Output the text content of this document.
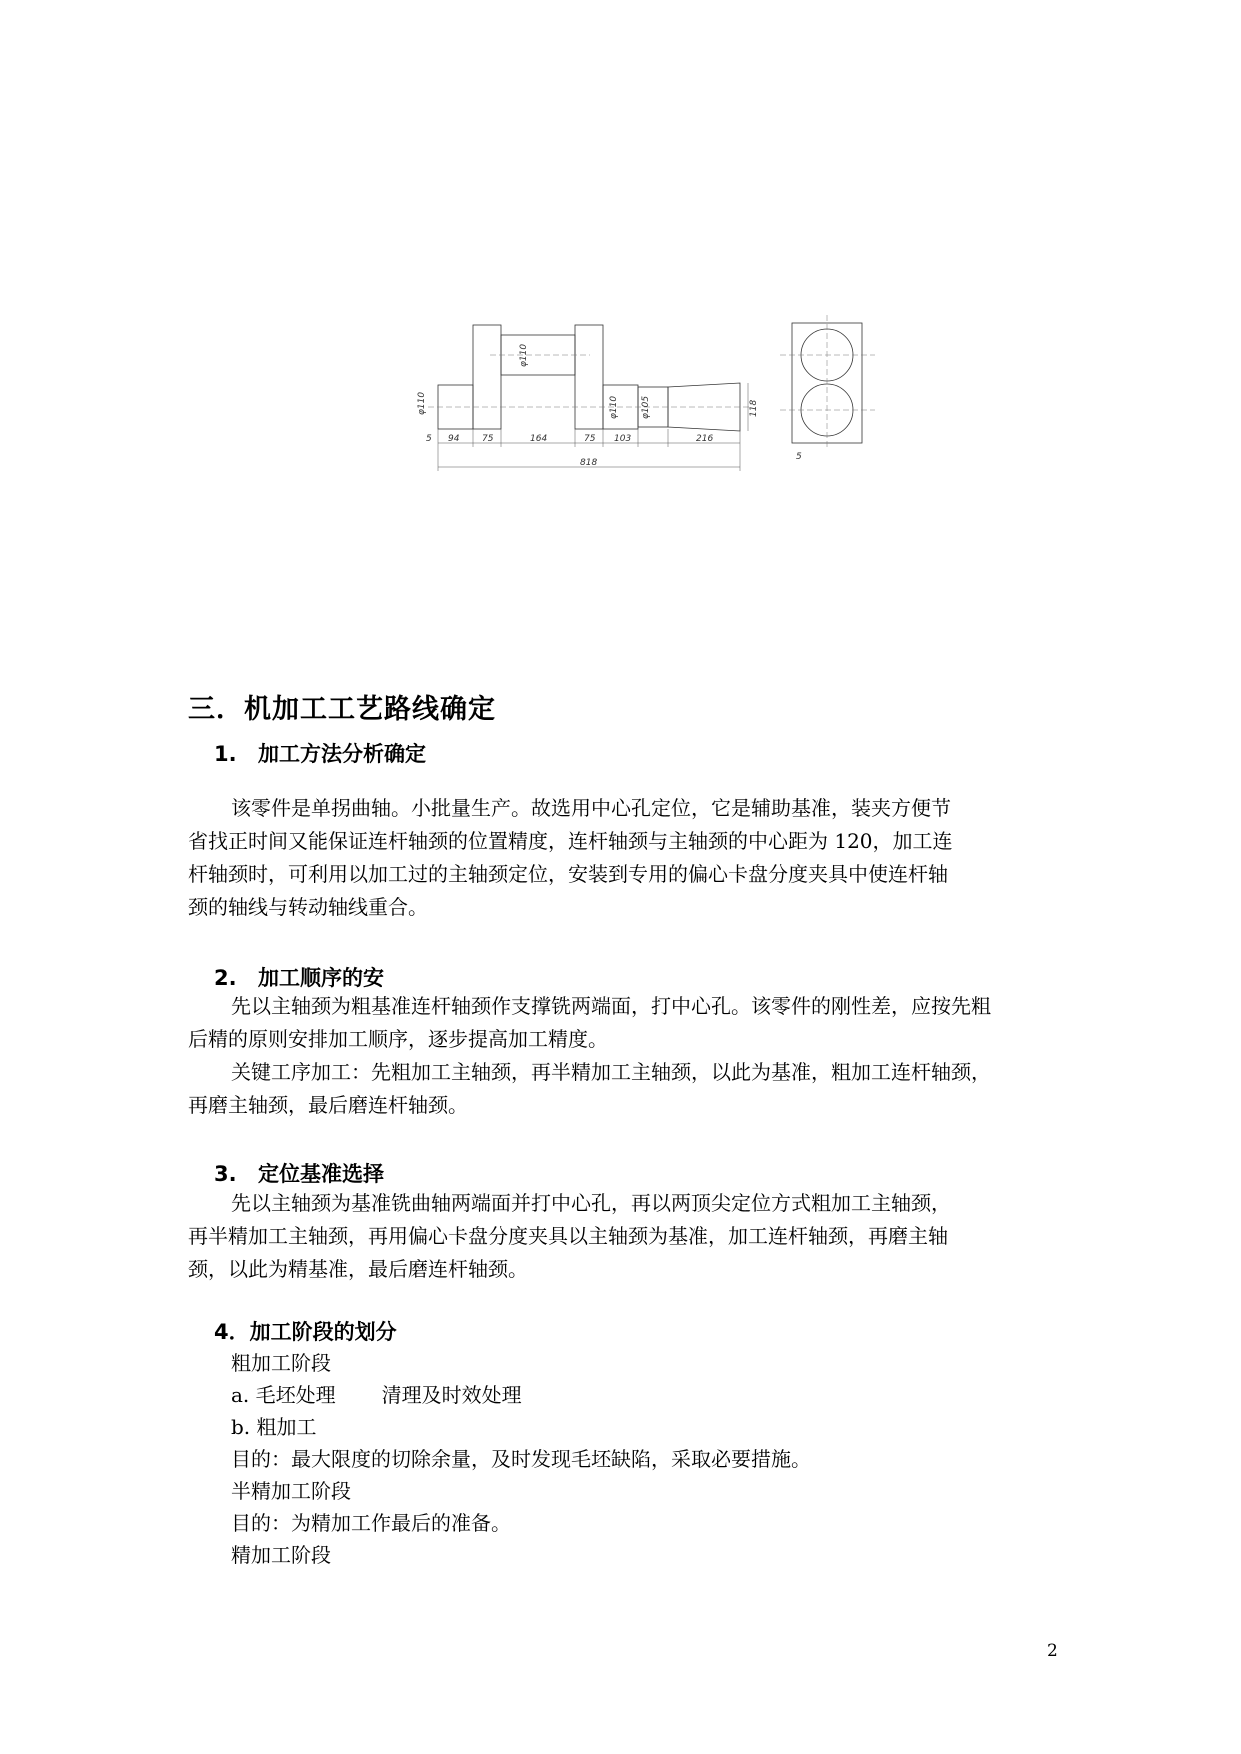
φ110
5
φ110
φ110 φ105	118
94	75	164	75 103	216
818
5
三．机加工工艺路线确定
1. 加工方法分析确定
该零件是单拐曲轴。小批量生产。故选用中心孔定位，它是辅助基准，装夹方便节
省找正时间又能保证连杆轴颈的位置精度，连杆轴颈与主轴颈的中心距为 120，加工连
杆轴颈时，可利用以加工过的主轴颈定位，安装到专用的偏心卡盘分度夹具中使连杆轴
颈的轴线与转动轴线重合。
2. 加工顺序的安
先以主轴颈为粗基准连杆轴颈作支撑铣两端面，打中心孔。该零件的刚性差，应按先粗
后精的原则安排加工顺序，逐步提高加工精度。
关键工序加工：先粗加工主轴颈，再半精加工主轴颈，以此为基准，粗加工连杆轴颈，
再磨主轴颈，最后磨连杆轴颈。
3. 定位基准选择
先以主轴颈为基准铣曲轴两端面并打中心孔，再以两顶尖定位方式粗加工主轴颈，
再半精加工主轴颈，再用偏心卡盘分度夹具以主轴颈为基准，加工连杆轴颈，再磨主轴
颈，以此为精基准，最后磨连杆轴颈。
4．加工阶段的划分
粗加工阶段
a. 毛坯处理 清理及时效处理
b. 粗加工
目的：最大限度的切除余量，及时发现毛坯缺陷，采取必要措施。
半精加工阶段
目的：为精加工作最后的准备。
精加工阶段
2
